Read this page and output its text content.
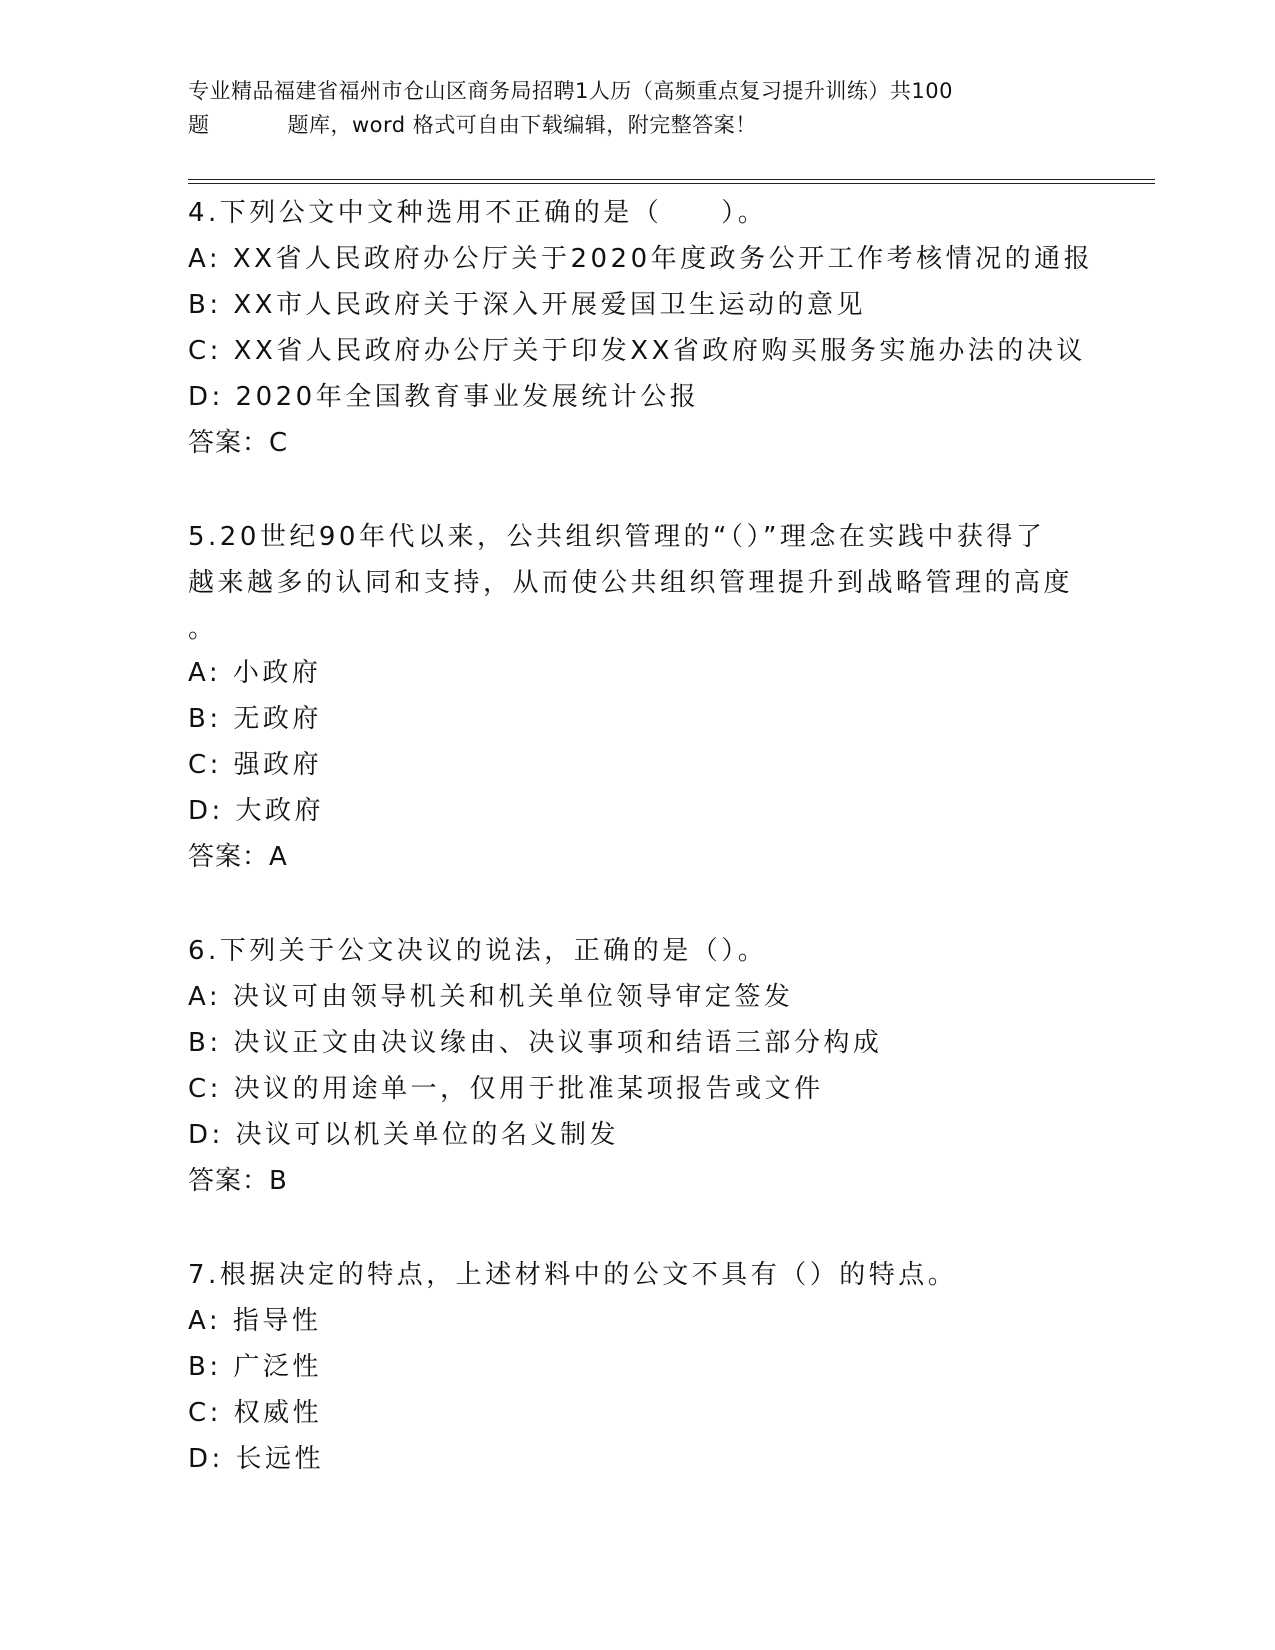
专业精品福建省福州市仓山区商务局招聘1人历（高频重点复习提升训练）共100
题	题库，word 格式可自由下载编辑，附完整答案！
4.下列公文中文种选用不正确的是（　　）。
A: XX省人民政府办公厅关于2020年度政务公开工作考核情况的通报
B: XX市人民政府关于深入开展爱国卫生运动的意见
C: XX省人民政府办公厅关于印发XX省政府购买服务实施办法的决议
D: 2020年全国教育事业发展统计公报
答案：C
5.20世纪90年代以来，公共组织管理的“（）”理念在实践中获得了
越来越多的认同和支持，从而使公共组织管理提升到战略管理的高度
。
A: 小政府
B: 无政府
C: 强政府
D: 大政府
答案：A
6.下列关于公文决议的说法，正确的是（）。
A: 决议可由领导机关和机关单位领导审定签发
B: 决议正文由决议缘由、决议事项和结语三部分构成
C: 决议的用途单一，仅用于批准某项报告或文件
D: 决议可以机关单位的名义制发
答案：B
7.根据决定的特点，上述材料中的公文不具有（）的特点。
A: 指导性
B: 广泛性
C: 权威性
D: 长远性
